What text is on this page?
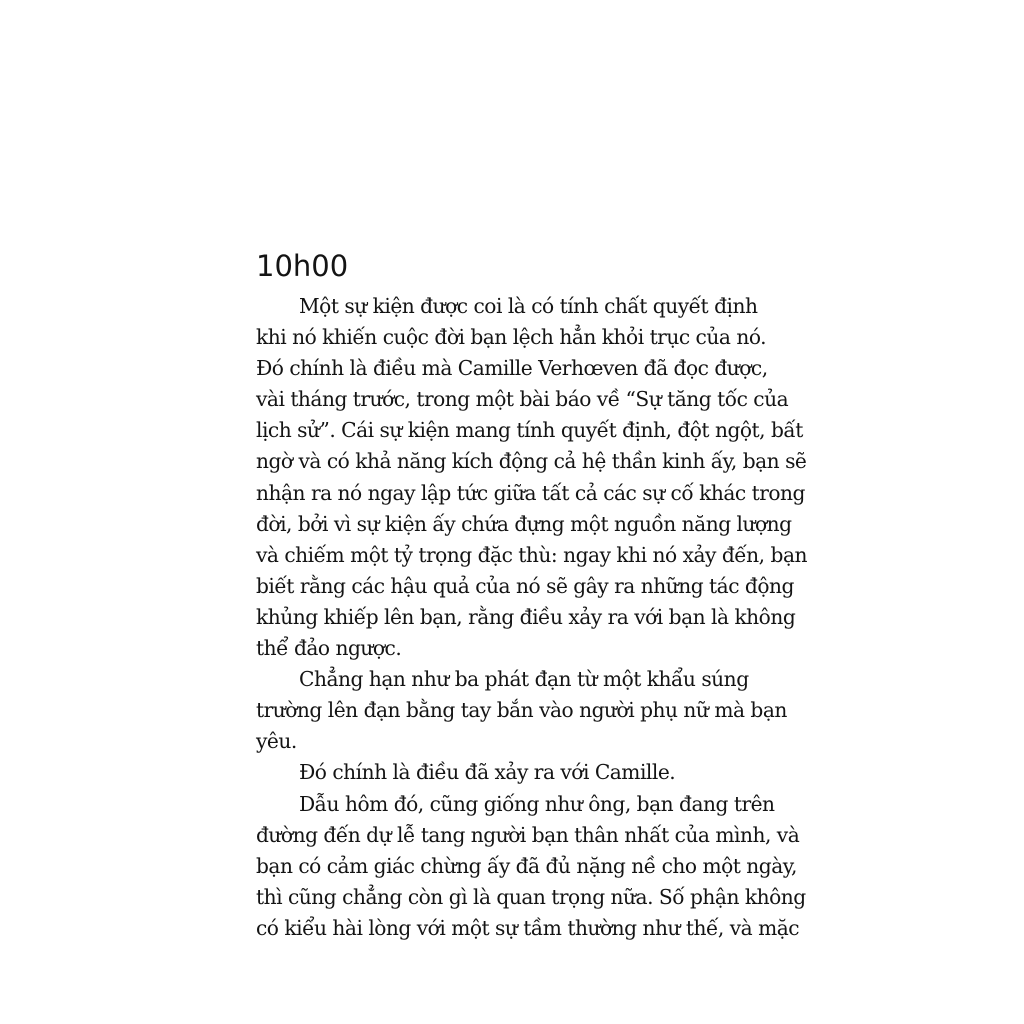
10h00
Một sự kiện được coi là có tính chất quyết định
khi nó khiến cuộc đời bạn lệch hẳn khỏi trục của nó.
Đó chính là điều mà Camille Verhœven đã đọc được,
vài tháng trước, trong một bài báo về “Sự tăng tốc của
lịch sử”. Cái sự kiện mang tính quyết định, đột ngột, bất
ngờ và có khả năng kích động cả hệ thần kinh ấy, bạn sẽ
nhận ra nó ngay lập tức giữa tất cả các sự cố khác trong
đời, bởi vì sự kiện ấy chứa đựng một nguồn năng lượng
và chiếm một tỷ trọng đặc thù: ngay khi nó xảy đến, bạn
biết rằng các hậu quả của nó sẽ gây ra những tác động
khủng khiếp lên bạn, rằng điều xảy ra với bạn là không
thể đảo ngược.
Chẳng hạn như ba phát đạn từ một khẩu súng
trường lên đạn bằng tay bắn vào người phụ nữ mà bạn
yêu.
Đó chính là điều đã xảy ra với Camille.
Dẫu hôm đó, cũng giống như ông, bạn đang trên
đường đến dự lễ tang người bạn thân nhất của mình, và
bạn có cảm giác chừng ấy đã đủ nặng nề cho một ngày,
thì cũng chẳng còn gì là quan trọng nữa. Số phận không
có kiểu hài lòng với một sự tầm thường như thế, và mặc
